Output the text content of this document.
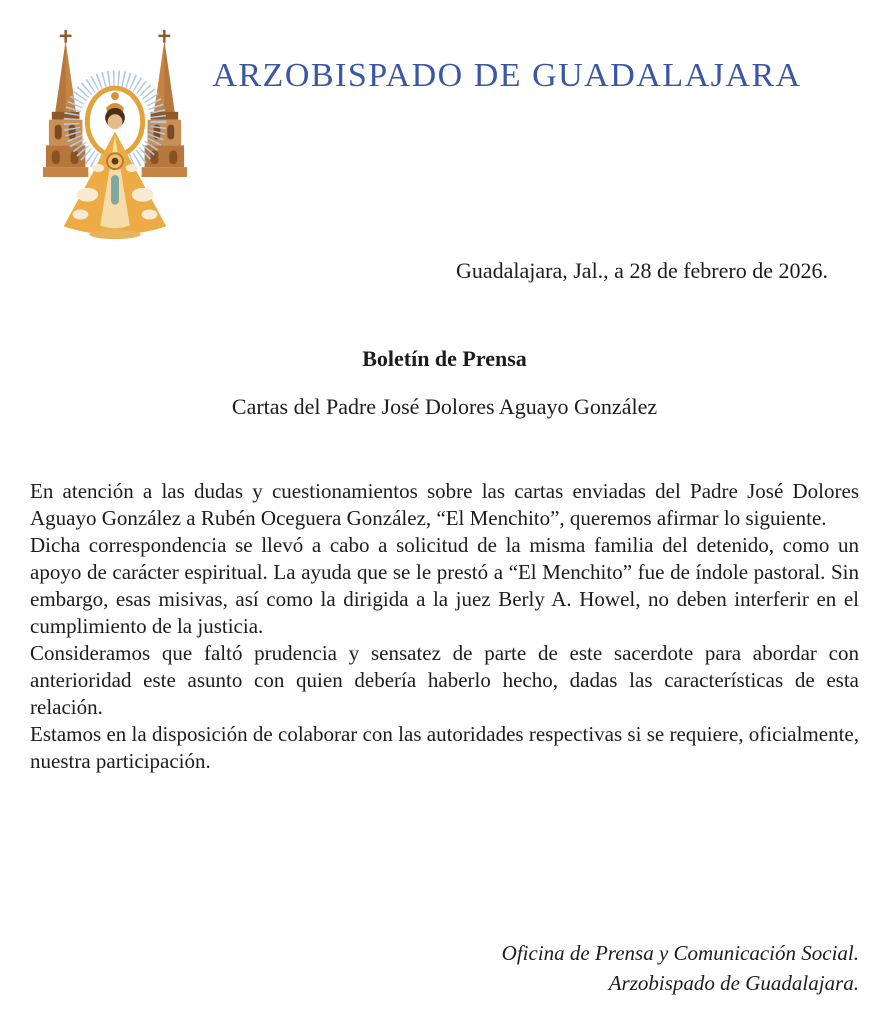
ARZOBISPADO DE GUADALAJARA
Guadalajara, Jal., a 28 de febrero de 2026.
Boletín de Prensa
Cartas del Padre José Dolores Aguayo González

En atención a las dudas y cuestionamientos sobre las cartas enviadas del Padre José Dolores Aguayo González a Rubén Oceguera González, “El Menchito”, queremos afirmar lo siguiente.

Dicha correspondencia se llevó a cabo a solicitud de la misma familia del detenido, como un apoyo de carácter espiritual. La ayuda que se le prestó a “El Menchito” fue de índole pastoral. Sin embargo, esas misivas, así como la dirigida a la juez Berly A. Howel, no deben interferir en el cumplimiento de la justicia.

Consideramos que faltó prudencia y sensatez de parte de este sacerdote para abordar con anterioridad este asunto con quien debería haberlo hecho, dadas las características de esta relación.

Estamos en la disposición de colaborar con las autoridades respectivas si se requiere, oficialmente, nuestra participación.

Oficina de Prensa y Comunicación Social.
Arzobispado de Guadalajara.
